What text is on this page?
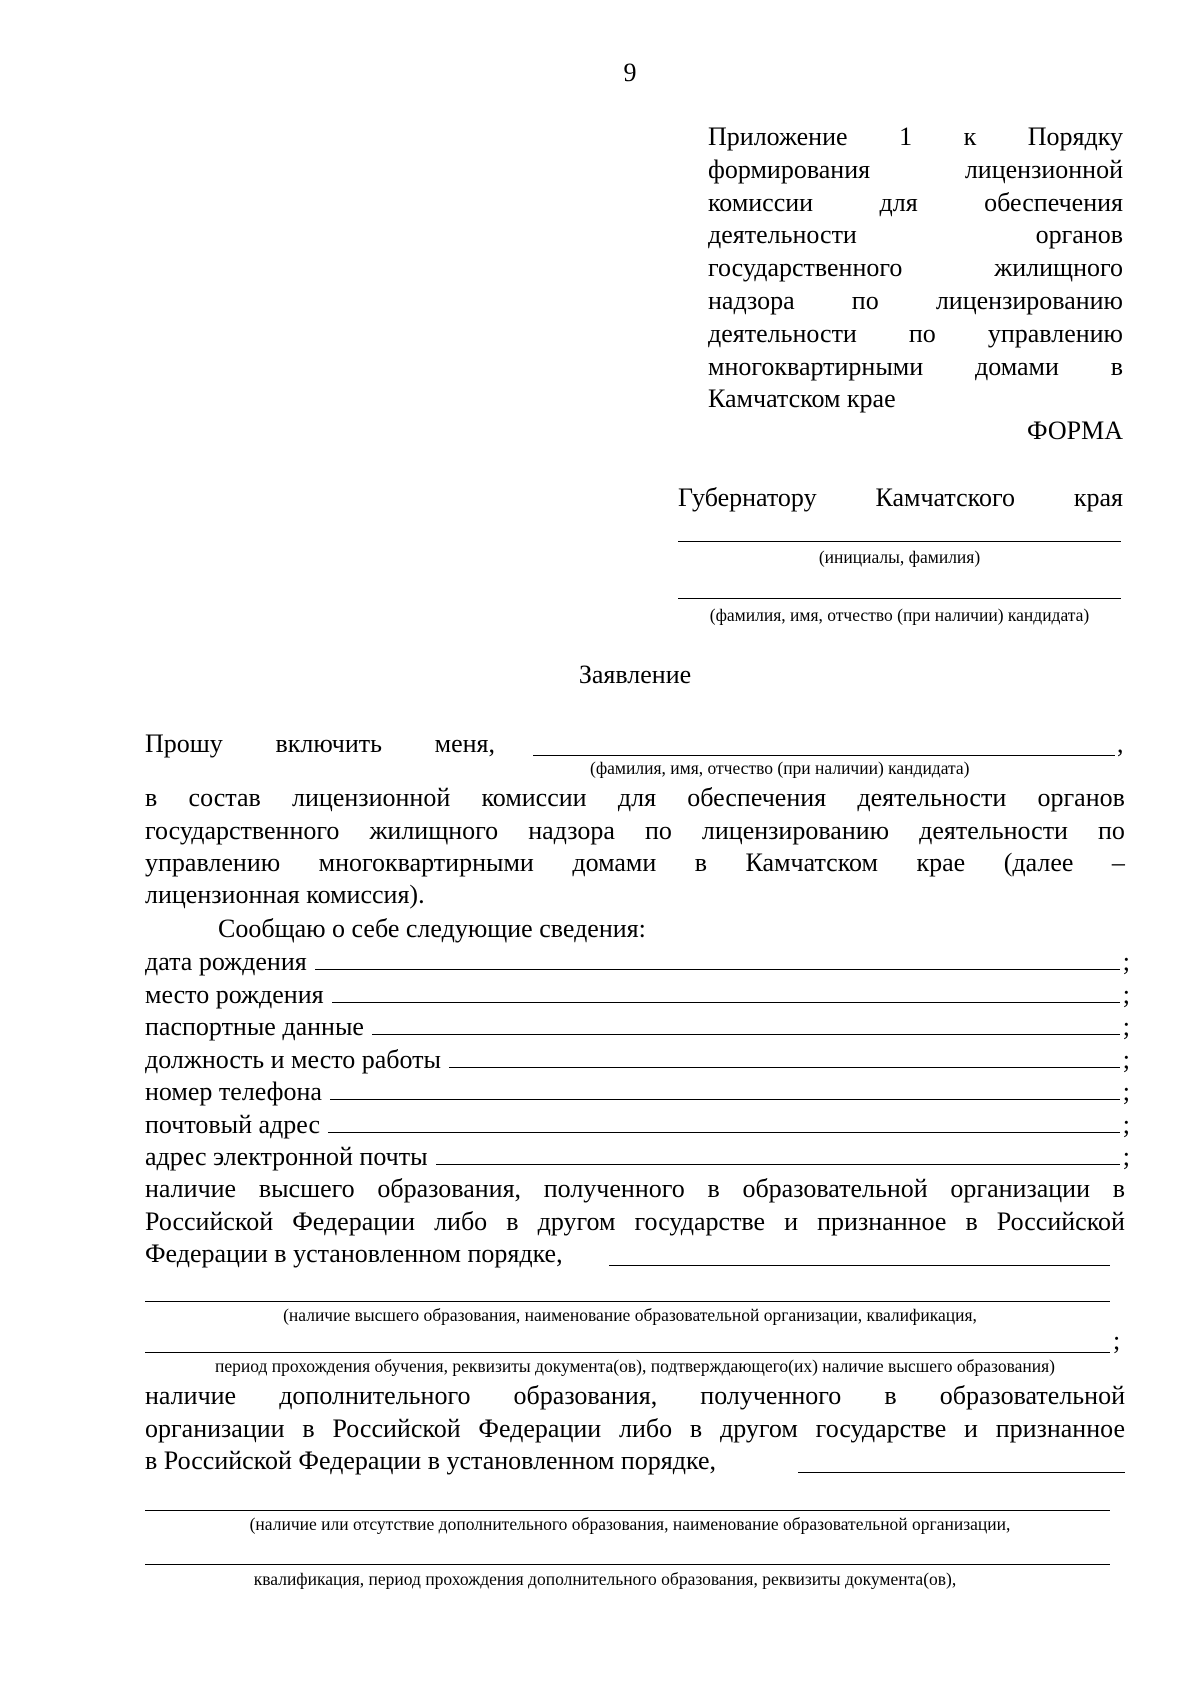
9
Приложение 1 к Порядку
формирования	лицензионной
комиссии	для	обеспечения
деятельности	органов
государственного	жилищного
надзора по лицензированию
деятельности по управлению
многоквартирными домами в
Камчатском крае
ФОРМА
Губернатору Камчатского края
(инициалы, фамилия)
(фамилия, имя, отчество (при наличии) кандидата)
Заявление
Прошу включить меня,	,
(фамилия, имя, отчество (при наличии) кандидата)
в состав лицензионной комиссии для обеспечения деятельности органов
государственного жилищного надзора по лицензированию деятельности по
управлению многоквартирными домами в Камчатском крае (далее –
лицензионная комиссия).
Сообщаю о себе следующие сведения:
дата рождения	;
место рождения	;
паспортные данные	;
должность и место работы	;
номер телефона	;
почтовый адрес	;
адрес электронной почты	;
наличие высшего образования, полученного в образовательной организации в
Российской Федерации либо в другом государстве и признанное в Российской
Федерации в установленном порядке,
(наличие высшего образования, наименование образовательной организации, квалификация,
;
период прохождения обучения, реквизиты документа(ов), подтверждающего(их) наличие высшего образования)
наличие дополнительного образования, полученного в образовательной
организации в Российской Федерации либо в другом государстве и признанное
в Российской Федерации в установленном порядке,
(наличие или отсутствие дополнительного образования, наименование образовательной организации,
квалификация, период прохождения дополнительного образования, реквизиты документа(ов),
